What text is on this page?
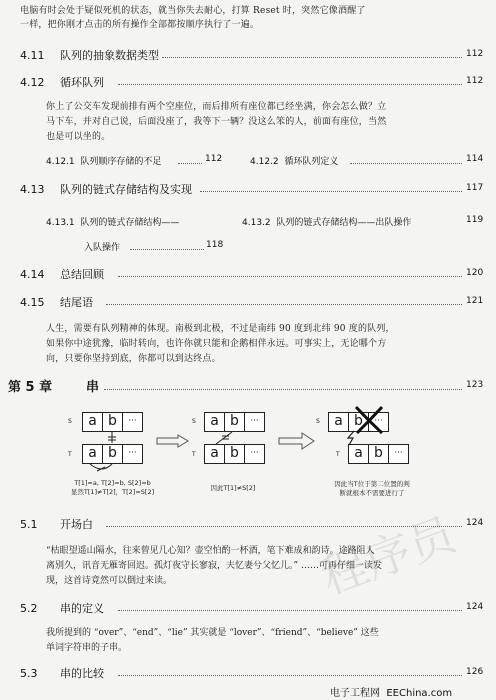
电脑有时会处于疑似死机的状态，就当你失去耐心，打算 Reset 时，突然它像酒醒了
一样，把你刚才点击的所有操作全部都按顺序执行了一遍。
4.11 队列的抽象数据类型	112
4.12 循环队列	112
你上了公交车发现前排有两个空座位，而后排所有座位都已经坐满，你会怎么做？立
马下车，并对自己说，后面没座了，我等下一辆？没这么笨的人，前面有座位，当然
也是可以坐的。
4.12.1 队列顺序存储的不足	112	4.12.2 循环队列定义	114
4.13 队列的链式存储结构及实现	117
4.13.1 队列的链式存储结构——
入队操作	118
4.13.2 队列的链式存储结构——出队操作	119
4.14 总结回顾	120
4.15 结尾语	121
人生，需要有队列精神的体现。南极到北极，不过是南纬 90 度到北纬 90 度的队列，
如果你中途犹豫，临时转向，也许你就只能和企鹅相伴永远。可事实上，无论哪个方
向，只要你坚持到底，你都可以到达终点。
第 5 章	串	123
S	a b	···
T	a b	···
T[1]=a, T[2]=b, S[2]=b
显然T[1]≠T[2]，T[2]=S[2]
S	a b	···
T	a b	···
因此T[1]≠S[2]
S	a b	···
T	a b	···
因此当T位于第二位置的判
断就根本不需要进行了
程序员
5.1 开场白	124
“枯眼望遥山隔水，往来曾见几心知？壶空怕酌一杯酒，笔下难成和韵诗。途路阻人
离别久，讯音无雁寄回迟。孤灯夜守长寥寂，夫忆妻兮父忆儿。” ……可再仔细一读发
现，这首诗竟然可以倒过来读。
5.2 串的定义	124
我所提到的 “over”、“end”、“lie” 其实就是 “lover”、“friend”、“believe” 这些
单词字符串的子串。
5.3 串的比较	126
电子工程网 EEChina.com
